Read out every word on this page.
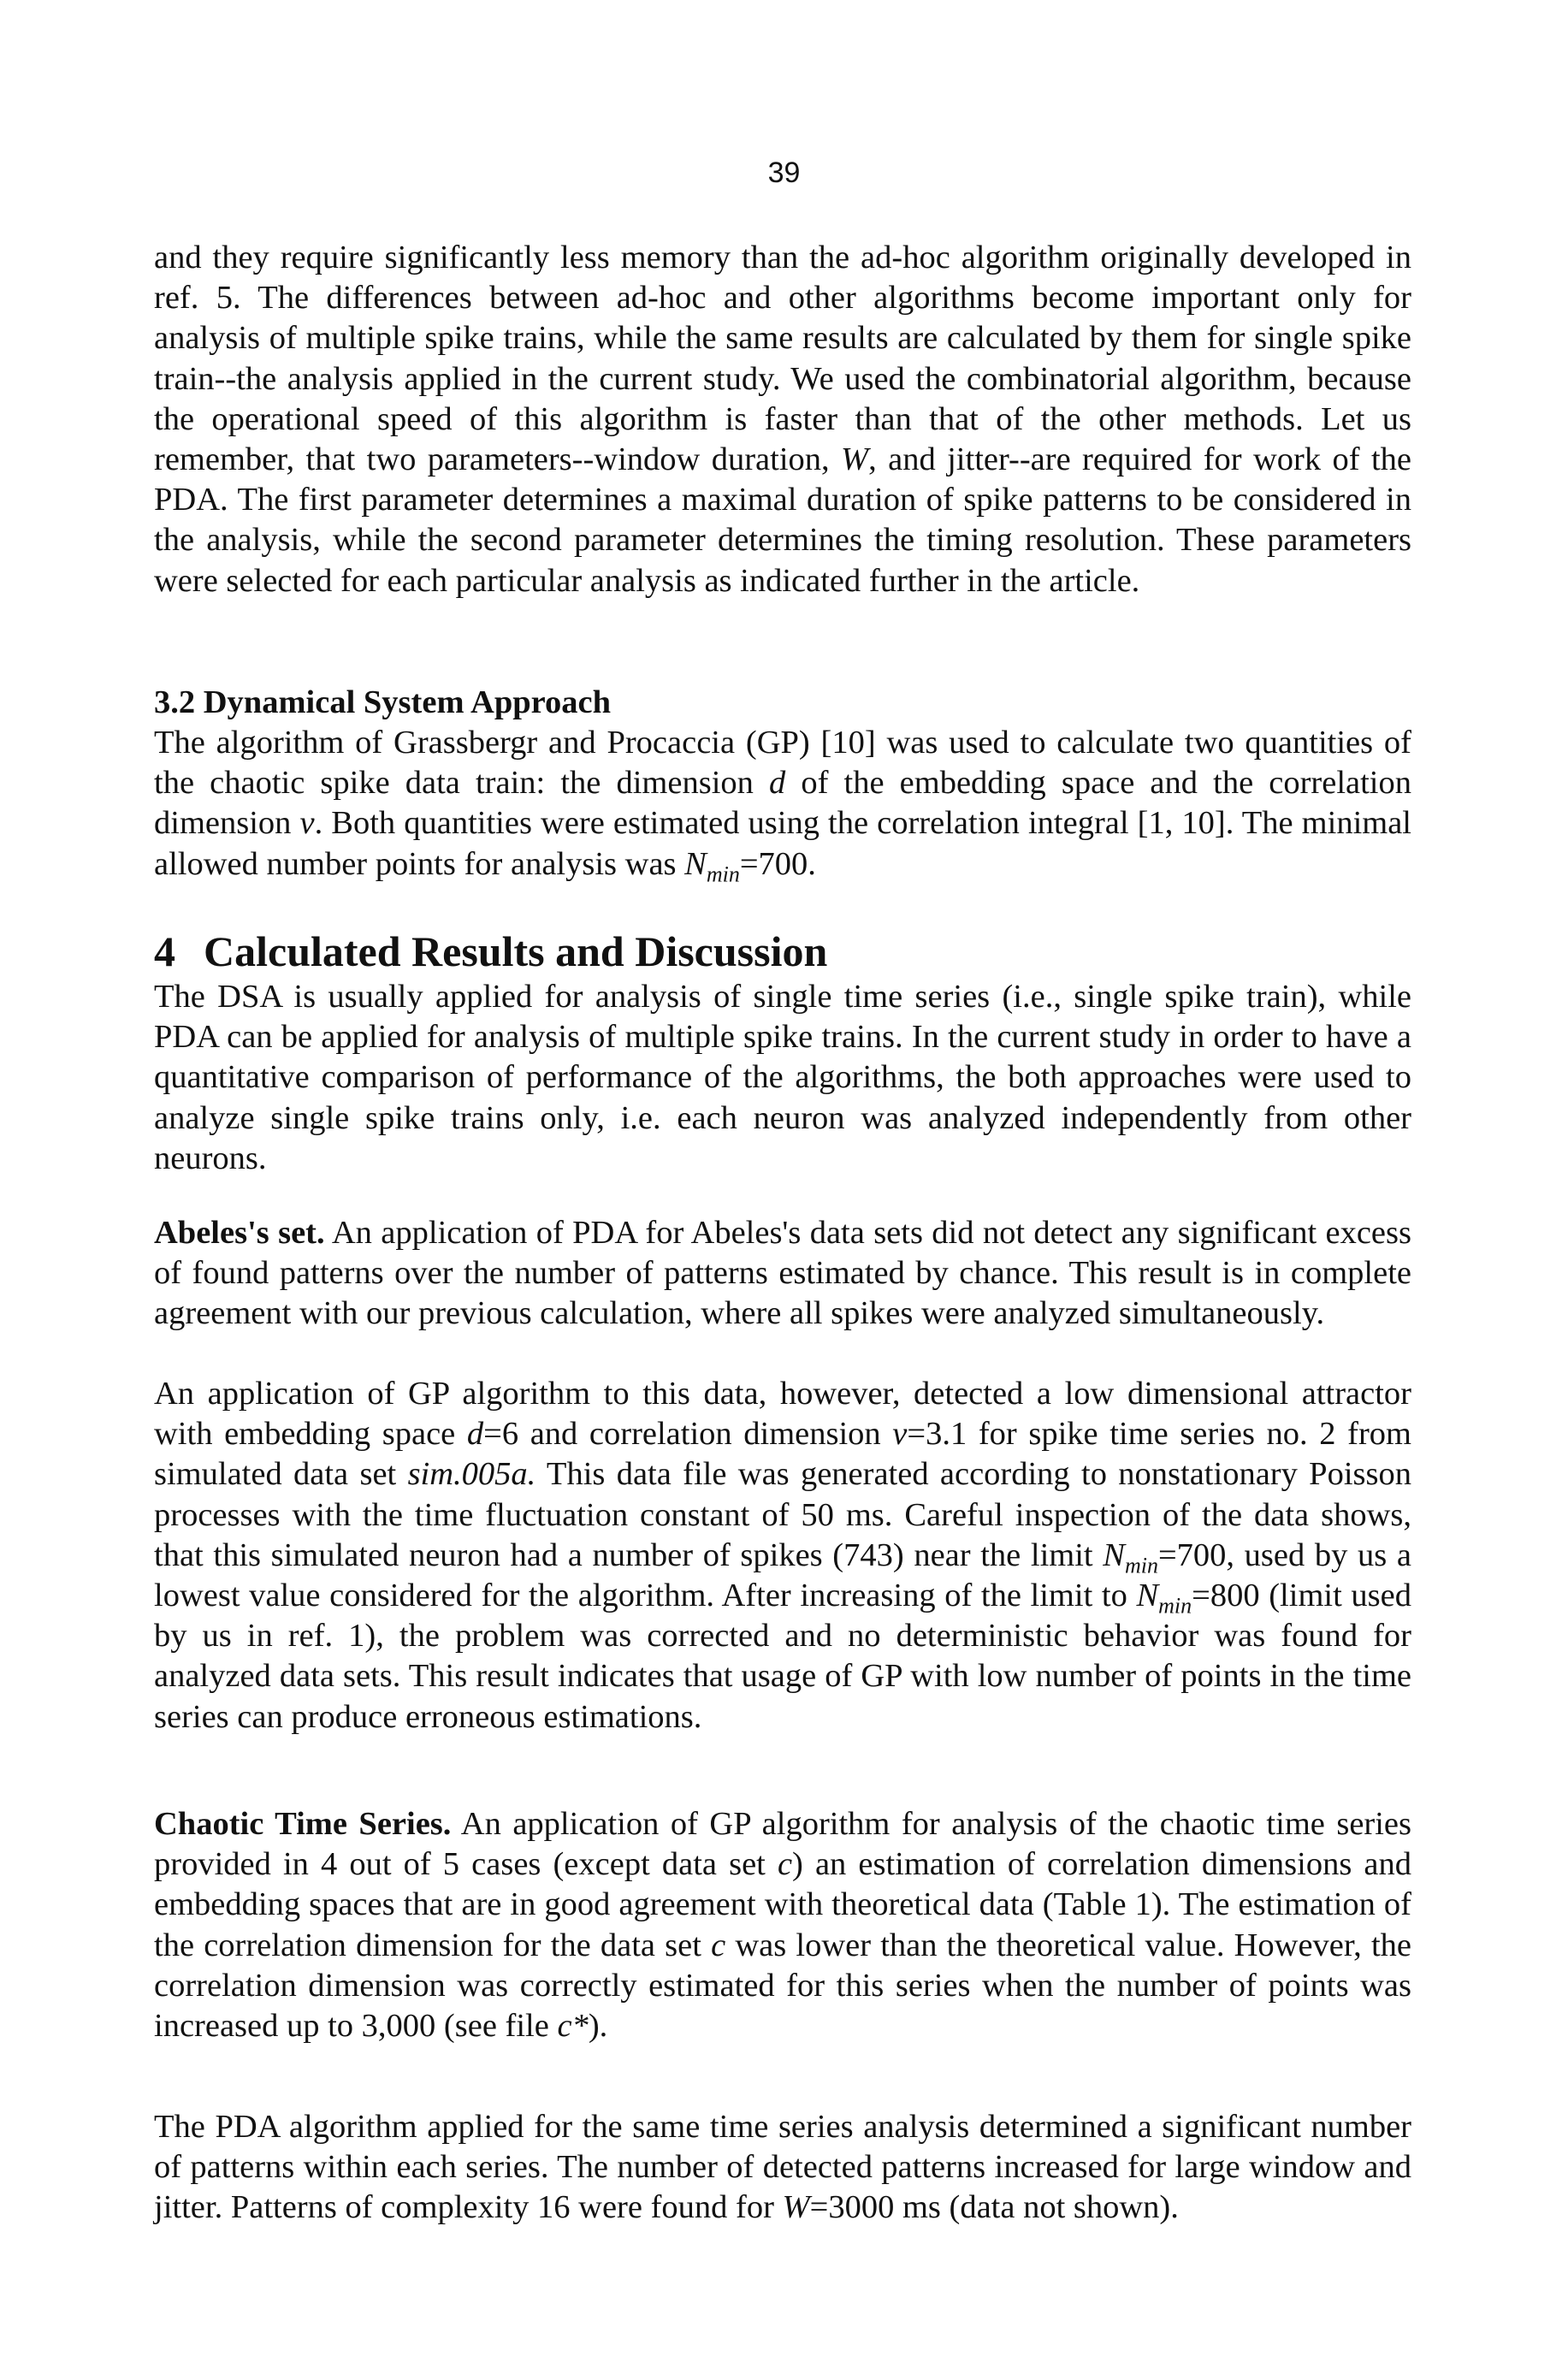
39

and they require significantly less memory than the ad-hoc algorithm originally developed in ref. 5. The differences between ad-hoc and other algorithms become important only for analysis of multiple spike trains, while the same results are calculated by them for single spike train--the analysis applied in the current study. We used the combinatorial algorithm, because the operational speed of this algorithm is faster than that of the other methods. Let us remember, that two parameters--window duration, W, and jitter--are required for work of the PDA. The first parameter determines a maximal duration of spike patterns to be considered in the analysis, while the second parameter determines the timing resolution. These parameters were selected for each particular analysis as indicated further in the article.

3.2 Dynamical System Approach

The algorithm of Grassbergr and Procaccia (GP) [10] was used to calculate two quantities of the chaotic spike data train: the dimension d of the embedding space and the correlation dimension v. Both quantities were estimated using the correlation integral [1, 10]. The minimal allowed number points for analysis was $N_{min}=700$.

4 Calculated Results and Discussion

The DSA is usually applied for analysis of single time series (i.e., single spike train), while PDA can be applied for analysis of multiple spike trains. In the current study in order to have a quantitative comparison of performance of the algorithms, the both approaches were used to analyze single spike trains only, i.e. each neuron was analyzed independently from other neurons.

Abeles's set. An application of PDA for Abeles's data sets did not detect any significant excess of found patterns over the number of patterns estimated by chance. This result is in complete agreement with our previous calculation, where all spikes were analyzed simultaneously.

An application of GP algorithm to this data, however, detected a low dimensional attractor with embedding space d=6 and correlation dimension v=3.1 for spike time series no. 2 from simulated data set sim.005a. This data file was generated according to nonstationary Poisson processes with the time fluctuation constant of 50 ms. Careful inspection of the data shows, that this simulated neuron had a number of spikes (743) near the limit $N_{min}=700$, used by us a lowest value considered for the algorithm. After increasing of the limit to $N_{min}=800$ (limit used by us in ref. 1), the problem was corrected and no deterministic behavior was found for analyzed data sets. This result indicates that usage of GP with low number of points in the time series can produce erroneous estimations.

Chaotic Time Series. An application of GP algorithm for analysis of the chaotic time series provided in 4 out of 5 cases (except data set c) an estimation of correlation dimensions and embedding spaces that are in good agreement with theoretical data (Table 1). The estimation of the correlation dimension for the data set c was lower than the theoretical value. However, the correlation dimension was correctly estimated for this series when the number of points was increased up to 3,000 (see file c*).

The PDA algorithm applied for the same time series analysis determined a significant number of patterns within each series. The number of detected patterns increased for large window and jitter. Patterns of complexity 16 were found for W=3000 ms (data not shown).
